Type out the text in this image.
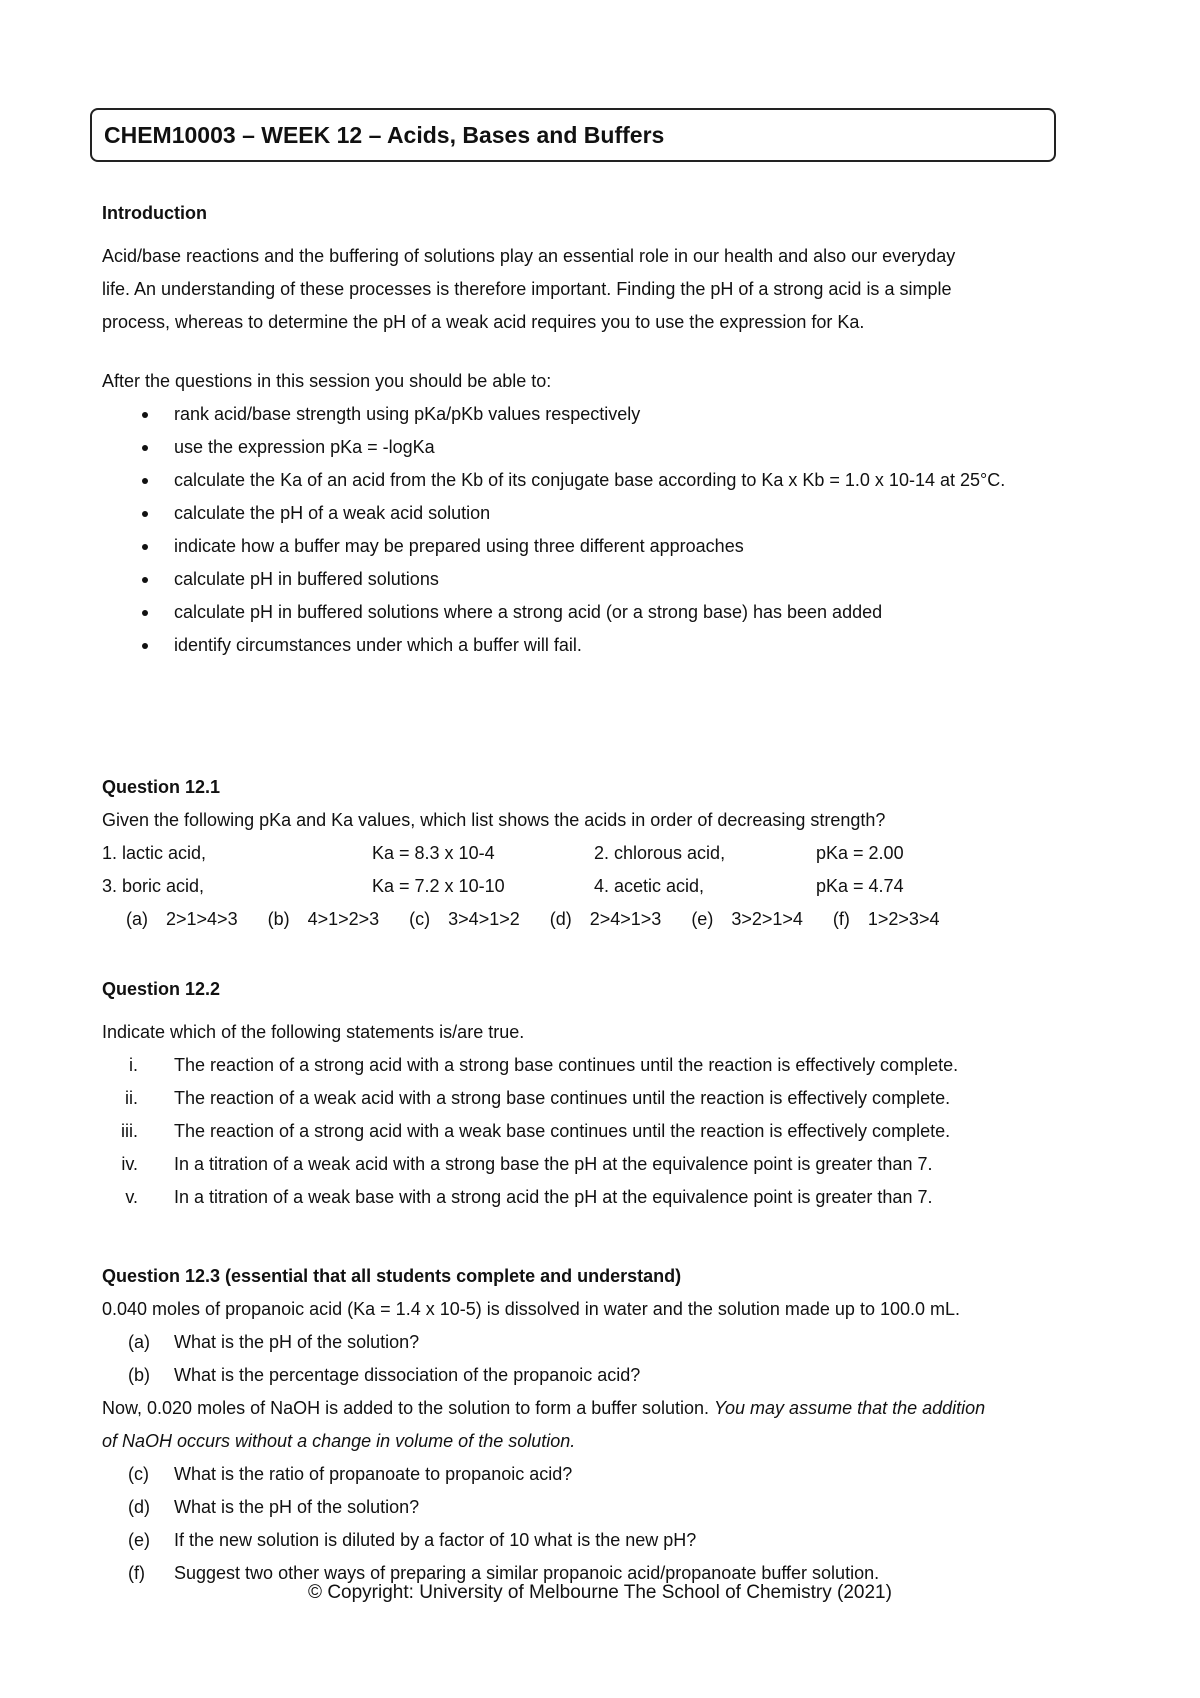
CHEM10003 – WEEK 12 – Acids, Bases and Buffers
Introduction
Acid/base reactions and the buffering of solutions play an essential role in our health and also our everyday
life. An understanding of these processes is therefore important. Finding the pH of a strong acid is a simple
process, whereas to determine the pH of a weak acid requires you to use the expression for Ka.
After the questions in this session you should be able to:
rank acid/base strength using pKa/pKb values respectively
use the expression pKa = -logKa
calculate the Ka of an acid from the Kb of its conjugate base according to Ka x Kb = 1.0 x 10-14 at 25°C.
calculate the pH of a weak acid solution
indicate how a buffer may be prepared using three different approaches
calculate pH in buffered solutions
calculate pH in buffered solutions where a strong acid (or a strong base) has been added
identify circumstances under which a buffer will fail.
Question 12.1
Given the following pKa and Ka values, which list shows the acids in order of decreasing strength?
1. lactic acid,	Ka = 8.3 x 10-4	2. chlorous acid,	pKa = 2.00
3. boric acid,	Ka = 7.2 x 10-10	4. acetic acid,	pKa = 4.74
(a) 2>1>4>3 (b) 4>1>2>3 (c) 3>4>1>2 (d) 2>4>1>3 (e) 3>2>1>4 (f) 1>2>3>4
Question 12.2
Indicate which of the following statements is/are true.
i. The reaction of a strong acid with a strong base continues until the reaction is effectively complete.
ii. The reaction of a weak acid with a strong base continues until the reaction is effectively complete.
iii. The reaction of a strong acid with a weak base continues until the reaction is effectively complete.
iv. In a titration of a weak acid with a strong base the pH at the equivalence point is greater than 7.
v. In a titration of a weak base with a strong acid the pH at the equivalence point is greater than 7.
Question 12.3 (essential that all students complete and understand)
0.040 moles of propanoic acid (Ka = 1.4 x 10-5) is dissolved in water and the solution made up to 100.0 mL.
(a) What is the pH of the solution?
(b) What is the percentage dissociation of the propanoic acid?
Now, 0.020 moles of NaOH is added to the solution to form a buffer solution. You may assume that the addition
of NaOH occurs without a change in volume of the solution.
(c) What is the ratio of propanoate to propanoic acid?
(d) What is the pH of the solution?
(e) If the new solution is diluted by a factor of 10 what is the new pH?
(f) Suggest two other ways of preparing a similar propanoic acid/propanoate buffer solution.
© Copyright: University of Melbourne The School of Chemistry (2021)
